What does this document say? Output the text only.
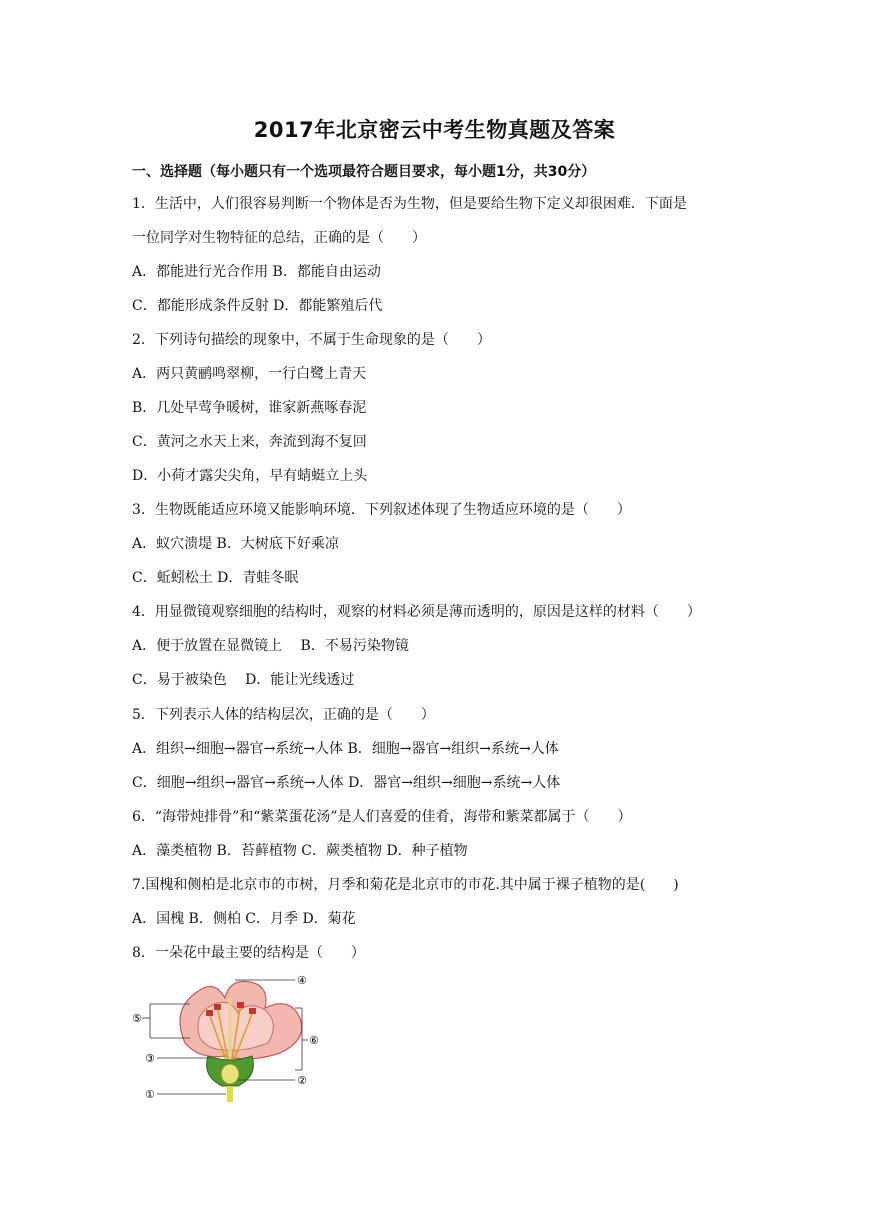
2017年北京密云中考生物真题及答案
一、选择题（每小题只有一个选项最符合题目要求，每小题1分，共30分）
1．生活中，人们很容易判断一个物体是否为生物，但是要给生物下定义却很困难．下面是
一位同学对生物特征的总结，正确的是（　　）
A．都能进行光合作用 B．都能自由运动
C．都能形成条件反射 D．都能繁殖后代
2．下列诗句描绘的现象中，不属于生命现象的是（　　）
A．两只黄鹂鸣翠柳，一行白鹭上青天
B．几处早莺争暖树，谁家新燕啄春泥
C．黄河之水天上来，奔流到海不复回
D．小荷才露尖尖角，早有蜻蜓立上头
3．生物既能适应环境又能影响环境．下列叙述体现了生物适应环境的是（　　）
A．蚁穴溃堤 B．大树底下好乘凉
C．蚯蚓松土 D．青蛙冬眠
4．用显微镜观察细胞的结构时，观察的材料必须是薄而透明的，原因是这样的材料（　　）
A．便于放置在显微镜上　 B．不易污染物镜
C．易于被染色　 D．能让光线透过
5．下列表示人体的结构层次，正确的是（　　）
A．组织→细胞→器官→系统→人体 B．细胞→器官→组织→系统→人体
C．细胞→组织→器官→系统→人体 D．器官→组织→细胞→系统→人体
6．“海带炖排骨”和“紫菜蛋花汤”是人们喜爱的佳肴，海带和紫菜都属于（　　）
A．藻类植物 B．苔藓植物 C．蕨类植物 D．种子植物
7.国槐和侧柏是北京市的市树，月季和菊花是北京市的市花.其中属于裸子植物的是(　　)
A．国槐 B．侧柏 C．月季 D．菊花
8．一朵花中最主要的结构是（　　）
④
⑤
⑥
③
②
①
